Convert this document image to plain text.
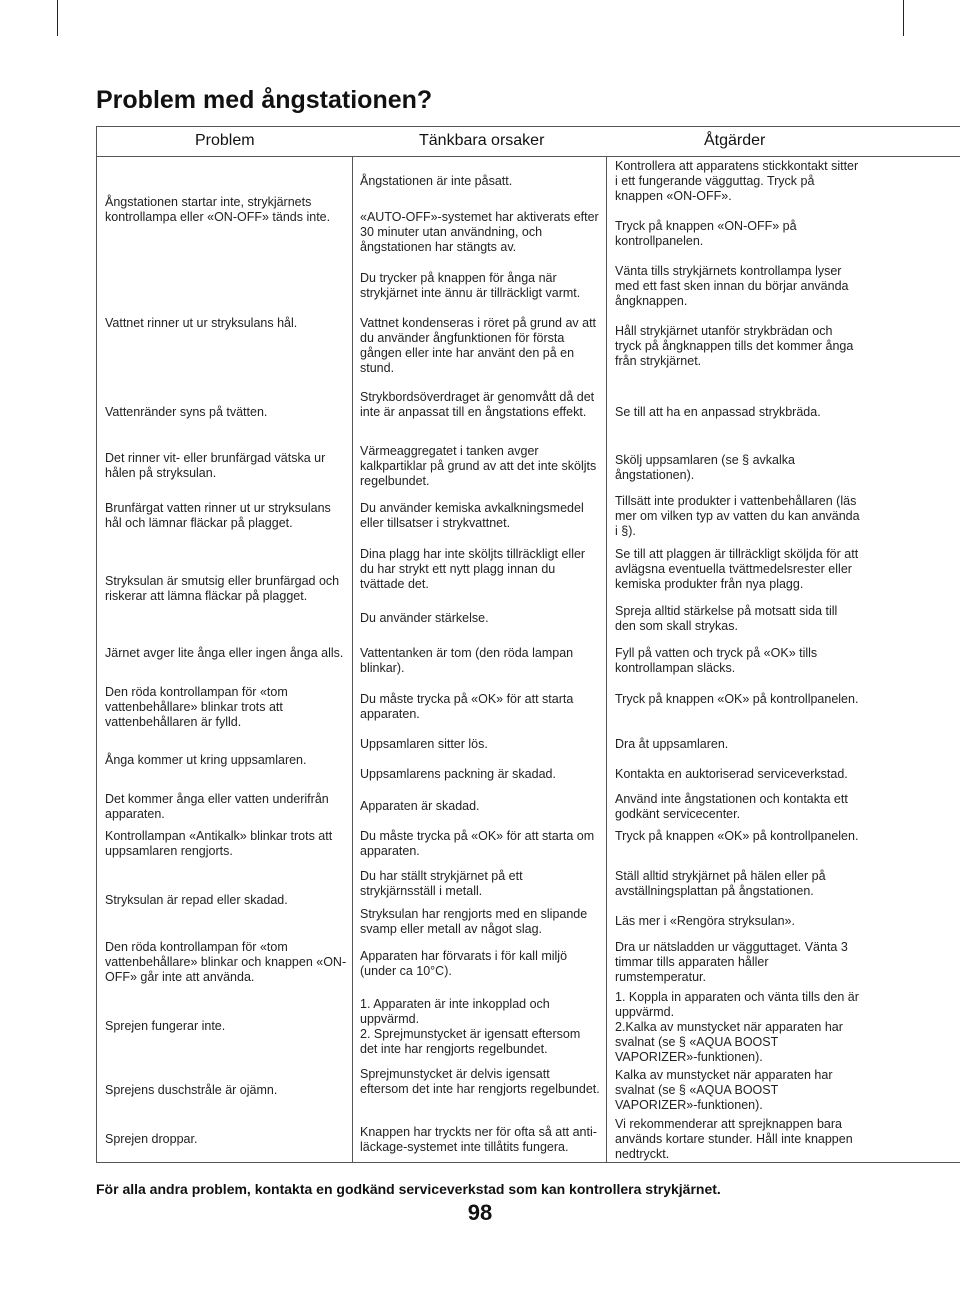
Problem med ångstationen?
Problem	Tänkbara orsaker	Åtgärder
Ångstationen startar inte, strykjärnets kontrollampa eller «ON-OFF» tänds inte.
Vattnet rinner ut ur stryksulans hål.
Vattenränder syns på tvätten.
Det rinner vit- eller brunfärgad vätska ur hålen på stryksulan.
Brunfärgat vatten rinner ut ur stryksulans hål och lämnar fläckar på plagget.
Stryksulan är smutsig eller brunfärgad och riskerar att lämna fläckar på plagget.
Järnet avger lite ånga eller ingen ånga alls.
Den röda kontrollampan för «tom vattenbehållare» blinkar trots att vattenbehållaren är fylld.
Ånga kommer ut kring uppsamlaren.
Det kommer ånga eller vatten underifrån apparaten.
Kontrollampan «Antikalk» blinkar trots att uppsamlaren rengjorts.
Stryksulan är repad eller skadad.
Den röda kontrollampan för «tom vattenbehållare» blinkar och knappen «ON-OFF» går inte att använda.
Sprejen fungerar inte.
Sprejens duschstråle är ojämn.
Sprejen droppar.
Ångstationen är inte påsatt.
«AUTO-OFF»-systemet har aktiverats efter 30 minuter utan användning, och ångstationen har stängts av.
Du trycker på knappen för ånga när strykjärnet inte ännu är tillräckligt varmt.
Vattnet kondenseras i röret på grund av att du använder ångfunktionen för första gången eller inte har använt den på en stund.
Strykbordsöverdraget är genomvått då det inte är anpassat till en ångstations effekt.
Värmeaggregatet i tanken avger kalkpartiklar på grund av att det inte sköljts regelbundet.
Du använder kemiska avkalkningsmedel eller tillsatser i strykvattnet.
Dina plagg har inte sköljts tillräckligt eller du har strykt ett nytt plagg innan du tvättade det.
Du använder stärkelse.
Vattentanken är tom (den röda lampan blinkar).
Du måste trycka på «OK» för att starta apparaten.
Uppsamlaren sitter lös.
Uppsamlarens packning är skadad.
Apparaten är skadad.
Du måste trycka på «OK» för att starta om apparaten.
Du har ställt strykjärnet på ett strykjärnsställ i metall.
Stryksulan har rengjorts med en slipande svamp eller metall av något slag.
Apparaten har förvarats i för kall miljö (under ca 10°C).
1. Apparaten är inte inkopplad och uppvärmd.
2. Sprejmunstycket är igensatt eftersom det inte har rengjorts regelbundet.
Sprejmunstycket är delvis igensatt eftersom det inte har rengjorts regelbundet.
Knappen har tryckts ner för ofta så att anti-läckage-systemet inte tillåtits fungera.
Kontrollera att apparatens stickkontakt sitter i ett fungerande vägguttag. Tryck på knappen «ON-OFF».
Tryck på knappen «ON-OFF» på kontrollpanelen.
Vänta tills strykjärnets kontrollampa lyser med ett fast sken innan du börjar använda ångknappen.
Håll strykjärnet utanför strykbrädan och tryck på ångknappen tills det kommer ånga från strykjärnet.
Se till att ha en anpassad strykbräda.
Skölj uppsamlaren (se § avkalka ångstationen).
Tillsätt inte produkter i vattenbehållaren (läs mer om vilken typ av vatten du kan använda i §).
Se till att plaggen är tillräckligt sköljda för att avlägsna eventuella tvättmedelsrester eller kemiska produkter från nya plagg.
Spreja alltid stärkelse på motsatt sida till den som skall strykas.
Fyll på vatten och tryck på «OK» tills kontrollampan släcks.
Tryck på knappen «OK» på kontrollpanelen.
Dra åt uppsamlaren.
Kontakta en auktoriserad serviceverkstad.
Använd inte ångstationen och kontakta ett godkänt servicecenter.
Tryck på knappen «OK» på kontrollpanelen.
Ställ alltid strykjärnet på hälen eller på avställningsplattan på ångstationen.
Läs mer i «Rengöra stryksulan».
Dra ur nätsladden ur vägguttaget. Vänta 3 timmar tills apparaten håller rumstemperatur.
1. Koppla in apparaten och vänta tills den är uppvärmd.
2.Kalka av munstycket när apparaten har svalnat (se § «AQUA BOOST VAPORIZER»-funktionen).
Kalka av munstycket när apparaten har svalnat (se § «AQUA BOOST VAPORIZER»-funktionen).
Vi rekommenderar att sprejknappen bara används kortare stunder. Håll inte knappen nedtryckt.

För alla andra problem, kontakta en godkänd serviceverkstad som kan kontrollera strykjärnet.

98
